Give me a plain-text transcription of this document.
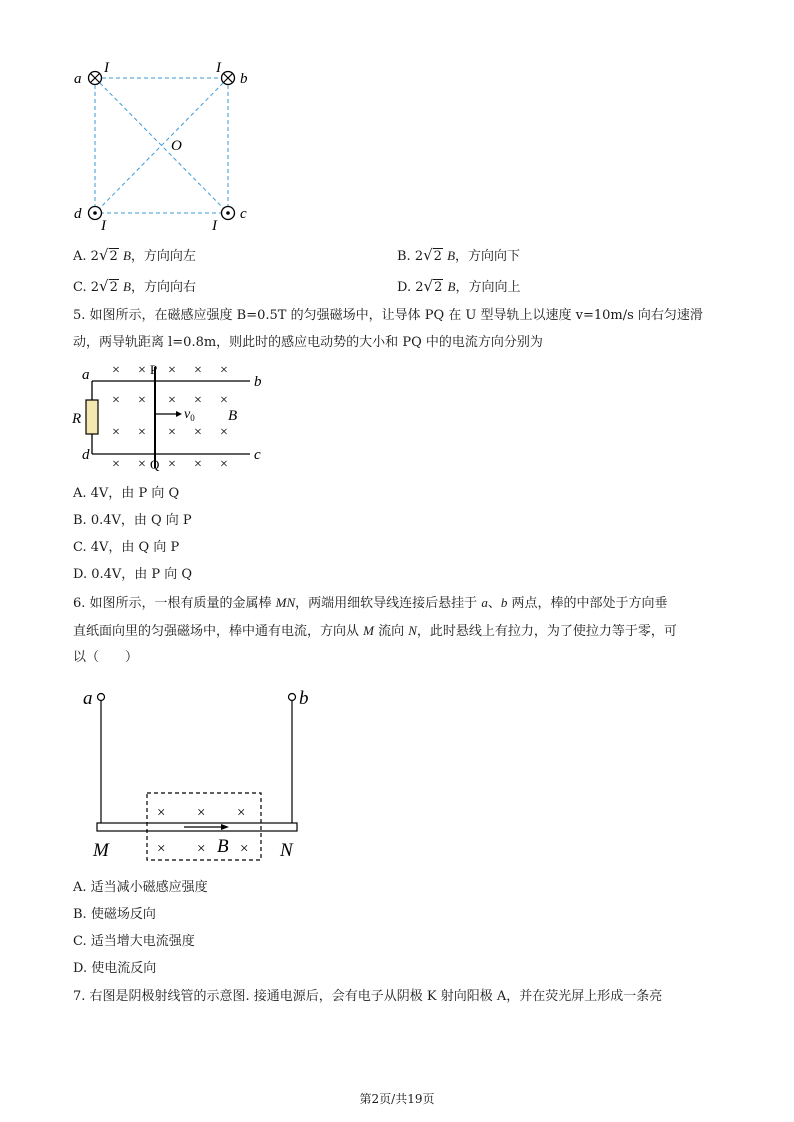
a
I	I
b
O
d
I
c
I
A. 2√2 B，方向向左	B. 2√2 B，方向向下
C. 2√2 B，方向向右	D. 2√2 B，方向向上
5. 如图所示，在磁感应强度 B=0.5T 的匀强磁场中，让导体 PQ 在 U 型导轨上以速度 v=10m/s 向右匀速滑
动，两导轨距离 l=0.8m，则此时的感应电动势的大小和 PQ 中的电流方向分别为
× × × × ×
× × × × ×
× × × × ×
× × × × ×
a	b
d	c
R
P
Q
$v_0$ B
A. 4V，由 P 向 Q
B. 0.4V，由 Q 向 P
C. 4V，由 Q 向 P
D. 0.4V，由 P 向 Q
6. 如图所示，一根有质量的金属棒 MN，两端用细软导线连接后悬挂于 a、b 两点，棒的中部处于方向垂
直纸面向里的匀强磁场中，棒中通有电流，方向从 M 流向 N，此时悬线上有拉力，为了使拉力等于零，可
以（　　）
× × ×
× × ×
a	b
M	N
B
A. 适当减小磁感应强度
B. 使磁场反向
C. 适当增大电流强度
D. 使电流反向
7. 右图是阴极射线管的示意图. 接通电源后，会有电子从阴极 K 射向阳极 A，并在荧光屏上形成一条亮
第2页/共19页
